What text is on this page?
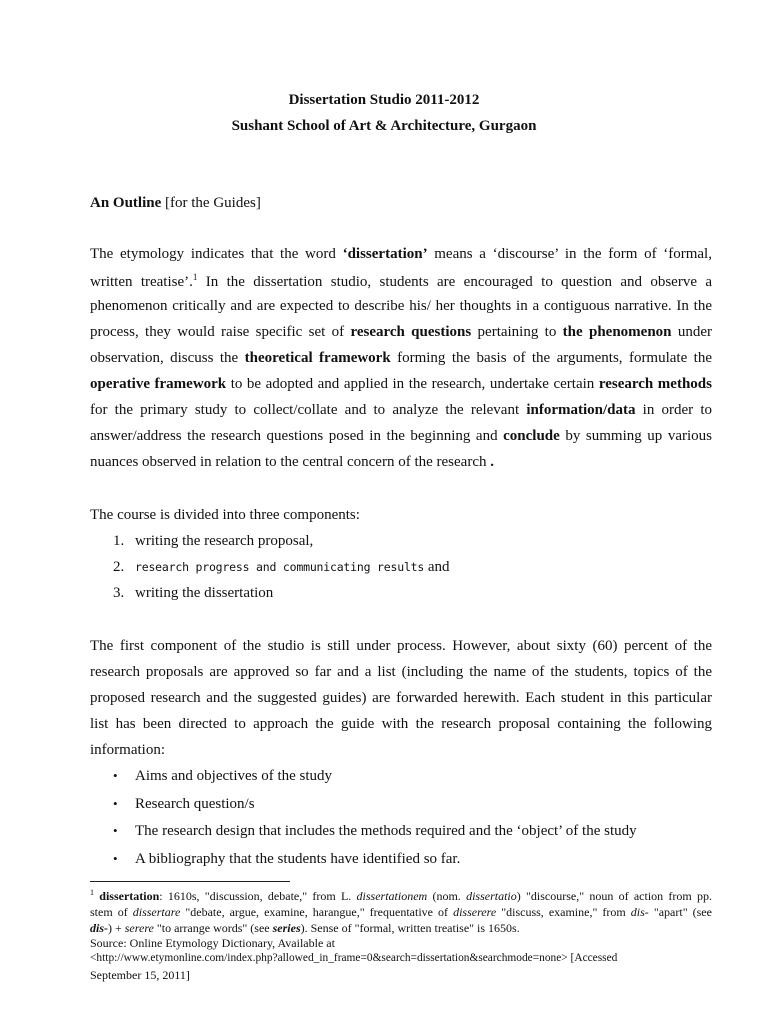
Dissertation Studio 2011-2012
Sushant School of Art & Architecture, Gurgaon
An Outline [for the Guides]
The etymology indicates that the word ‘dissertation’ means a ‘discourse’ in the form of ‘formal,
written treatise’.$^1$ In the dissertation studio, students are encouraged to question and observe a
phenomenon critically and are expected to describe his/ her thoughts in a contiguous narrative. In the
process, they would raise specific set of research questions pertaining to the phenomenon under
observation, discuss the theoretical framework forming the basis of the arguments, formulate the
operative framework to be adopted and applied in the research, undertake certain research methods
for the primary study to collect/collate and to analyze the relevant information/data in order to
answer/address the research questions posed in the beginning and conclude by summing up various
nuances observed in relation to the central concern of the research .
The course is divided into three components:
1. writing the research proposal,
2. research progress and communicating results and
3. writing the dissertation
The first component of the studio is still under process. However, about sixty (60) percent of the
research proposals are approved so far and a list (including the name of the students, topics of the
proposed research and the suggested guides) are forwarded herewith. Each student in this particular
list has been directed to approach the guide with the research proposal containing the following
information:
• Aims and objectives of the study
• Research question/s
• The research design that includes the methods required and the ‘object’ of the study
• A bibliography that the students have identified so far.
$^1$ dissertation: 1610s, "discussion, debate," from L. dissertationem (nom. dissertatio) "discourse," noun of action from pp.
stem of dissertare "debate, argue, examine, harangue," frequentative of disserere "discuss, examine," from dis- "apart" (see
dis-) + serere "to arrange words" (see series). Sense of "formal, written treatise" is 1650s.
Source: Online Etymology Dictionary, Available at
<http://www.etymonline.com/index.php?allowed_in_frame=0&search=dissertation&searchmode=none> [Accessed
September 15, 2011]
